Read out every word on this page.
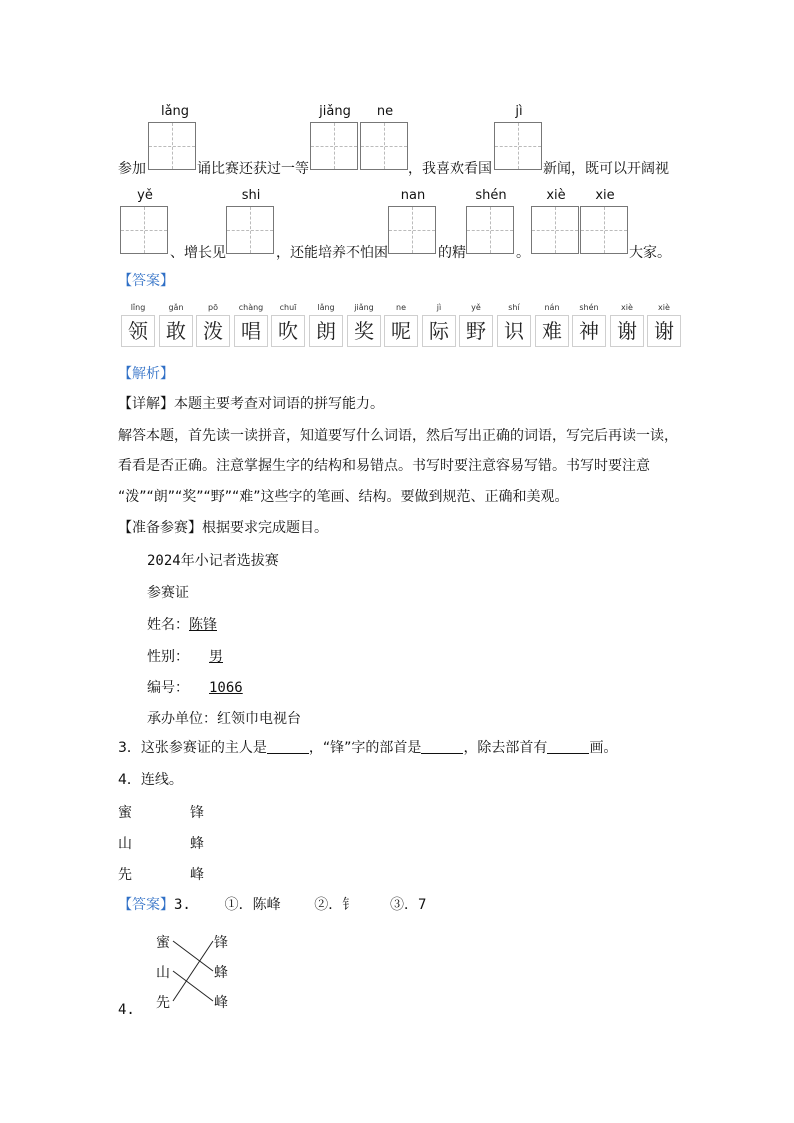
lǎng	jiǎng	ne	jì
参加	诵比赛还获过一等	，我喜欢看国	新闻，既可以开阔视
yě	shi	nan	shén	xiè	xie
、增长见	，还能培养不怕困	的精	。	大家。
【答案】
lǐng
领
gǎn
敢
pō
泼
chàng
唱
chuī
吹
lǎng
朗
jiǎng
奖
ne
呢
jì
际
yě
野
shí
识
nán
难
shén
神
xiè
谢
xiè
谢
【解析】
【详解】本题主要考查对词语的拼写能力。
解答本题，首先读一读拼音，知道要写什么词语，然后写出正确的词语，写完后再读一读，
看看是否正确。注意掌握生字的结构和易错点。书写时要注意容易写错。书写时要注意
“泼”“朗”“奖”“野”“难”这些字的笔画、结构。要做到规范、正确和美观。
【准备参赛】根据要求完成题目。
2024年小记者选拔赛
参赛证
姓名：陈锋
性别： 男
编号： 1066
承办单位：红领巾电视台
3．这张参赛证的主人是	，“锋”字的部首是	，除去部首有	画。
4．连线。
蜜	锋
山	蜂
先	峰
【答案】3.    ①．陈峰    ②．钅    ③．7
蜜
山
先
锋
蜂
峰
4.
